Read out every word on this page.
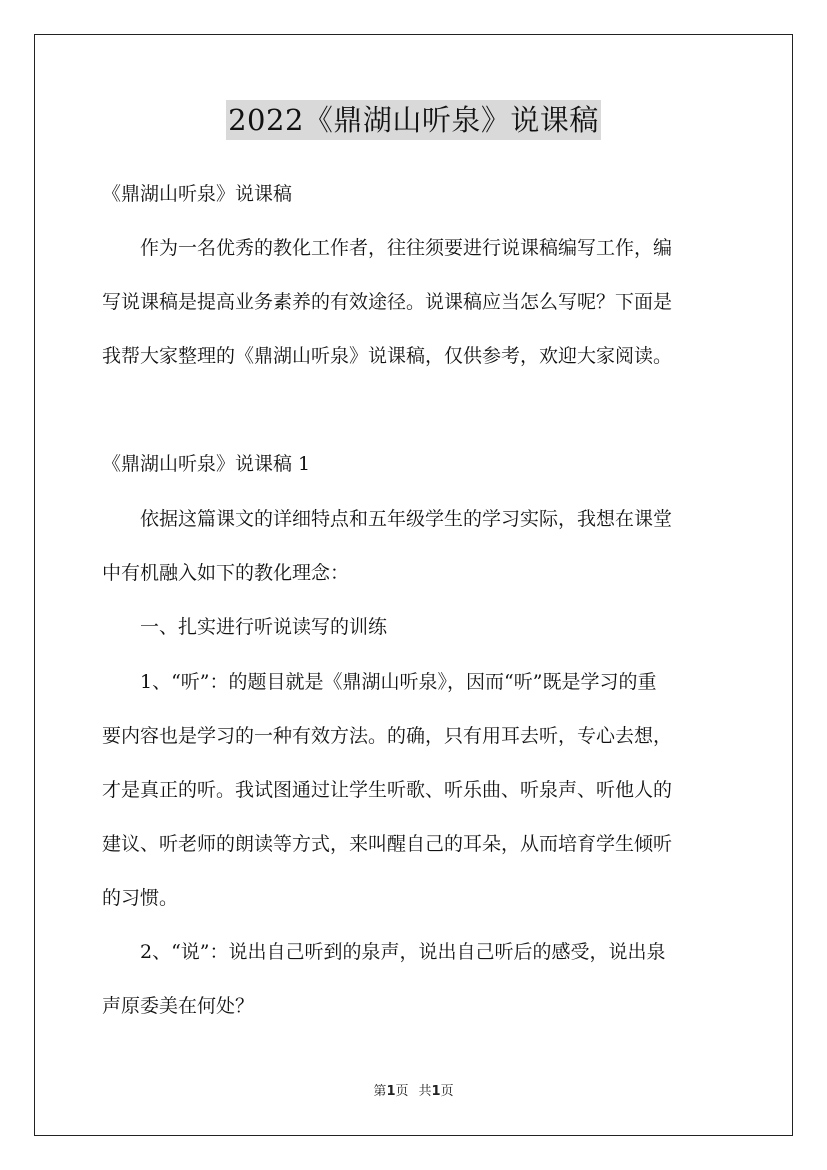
2022《鼎湖山听泉》说课稿
《鼎湖山听泉》说课稿
　　作为一名优秀的教化工作者，往往须要进行说课稿编写工作，编
写说课稿是提高业务素养的有效途径。说课稿应当怎么写呢？下面是
我帮大家整理的《鼎湖山听泉》说课稿，仅供参考，欢迎大家阅读。
《鼎湖山听泉》说课稿 1
　　依据这篇课文的详细特点和五年级学生的学习实际，我想在课堂
中有机融入如下的教化理念：
　　一、扎实进行听说读写的训练
　　1、“听”：的题目就是《鼎湖山听泉》，因而“听”既是学习的重
要内容也是学习的一种有效方法。的确，只有用耳去听，专心去想，
才是真正的听。我试图通过让学生听歌、听乐曲、听泉声、听他人的
建议、听老师的朗读等方式，来叫醒自己的耳朵，从而培育学生倾听
的习惯。
　　2、“说”：说出自己听到的泉声，说出自己听后的感受，说出泉
声原委美在何处？
第1页 共1页
